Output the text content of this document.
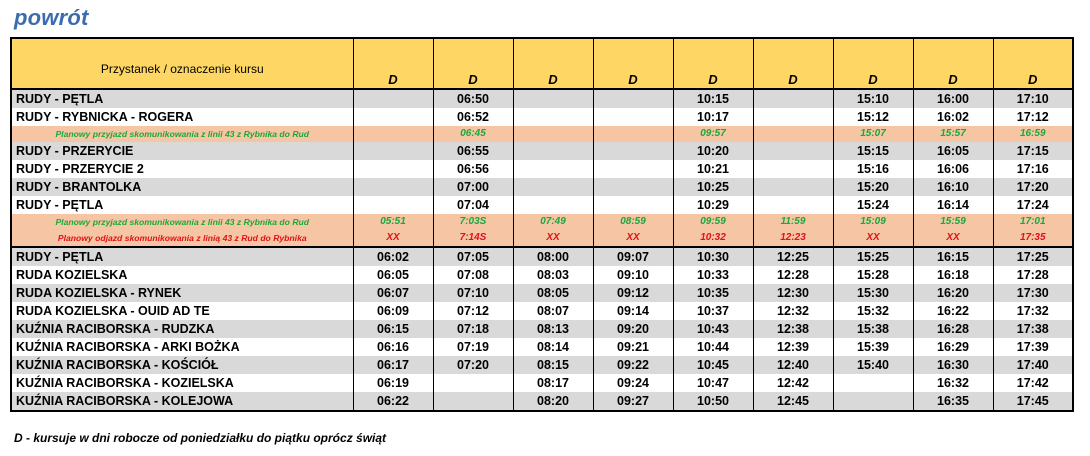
powrót
Przystanek / oznaczenie kursu	D	D	D	D	D	D	D	D	D
RUDY - PĘTLA		06:50			10:15		15:10	16:00	17:10
RUDY - RYBNICKA - ROGERA		06:52			10:17		15:12	16:02	17:12
Planowy przyjazd skomunikowania z linii 43 z Rybnika do Rud		06:45			09:57		15:07	15:57	16:59
RUDY - PRZERYCIE		06:55			10:20		15:15	16:05	17:15
RUDY - PRZERYCIE 2		06:56			10:21		15:16	16:06	17:16
RUDY - BRANTOLKA		07:00			10:25		15:20	16:10	17:20
RUDY - PĘTLA		07:04			10:29		15:24	16:14	17:24
Planowy przyjazd skomunikowania z linii 43 z Rybnika do Rud	05:51	7:03S	07:49	08:59	09:59	11:59	15:09	15:59	17:01
Planowy odjazd skomunikowania z linią 43 z Rud do Rybnika	XX	7:14S	XX	XX	10:32	12:23	XX	XX	17:35
RUDY - PĘTLA	06:02	07:05	08:00	09:07	10:30	12:25	15:25	16:15	17:25
RUDA KOZIELSKA	06:05	07:08	08:03	09:10	10:33	12:28	15:28	16:18	17:28
RUDA KOZIELSKA - RYNEK	06:07	07:10	08:05	09:12	10:35	12:30	15:30	16:20	17:30
RUDA KOZIELSKA - OUID AD TE	06:09	07:12	08:07	09:14	10:37	12:32	15:32	16:22	17:32
KUŹNIA RACIBORSKA - RUDZKA	06:15	07:18	08:13	09:20	10:43	12:38	15:38	16:28	17:38
KUŹNIA RACIBORSKA - ARKI BOŻKA	06:16	07:19	08:14	09:21	10:44	12:39	15:39	16:29	17:39
KUŹNIA RACIBORSKA - KOŚCIÓŁ	06:17	07:20	08:15	09:22	10:45	12:40	15:40	16:30	17:40
KUŹNIA RACIBORSKA - KOZIELSKA	06:19		08:17	09:24	10:47	12:42		16:32	17:42
KUŹNIA RACIBORSKA - KOLEJOWA	06:22		08:20	09:27	10:50	12:45		16:35	17:45
D - kursuje w dni robocze od poniedziałku do piątku oprócz świąt
